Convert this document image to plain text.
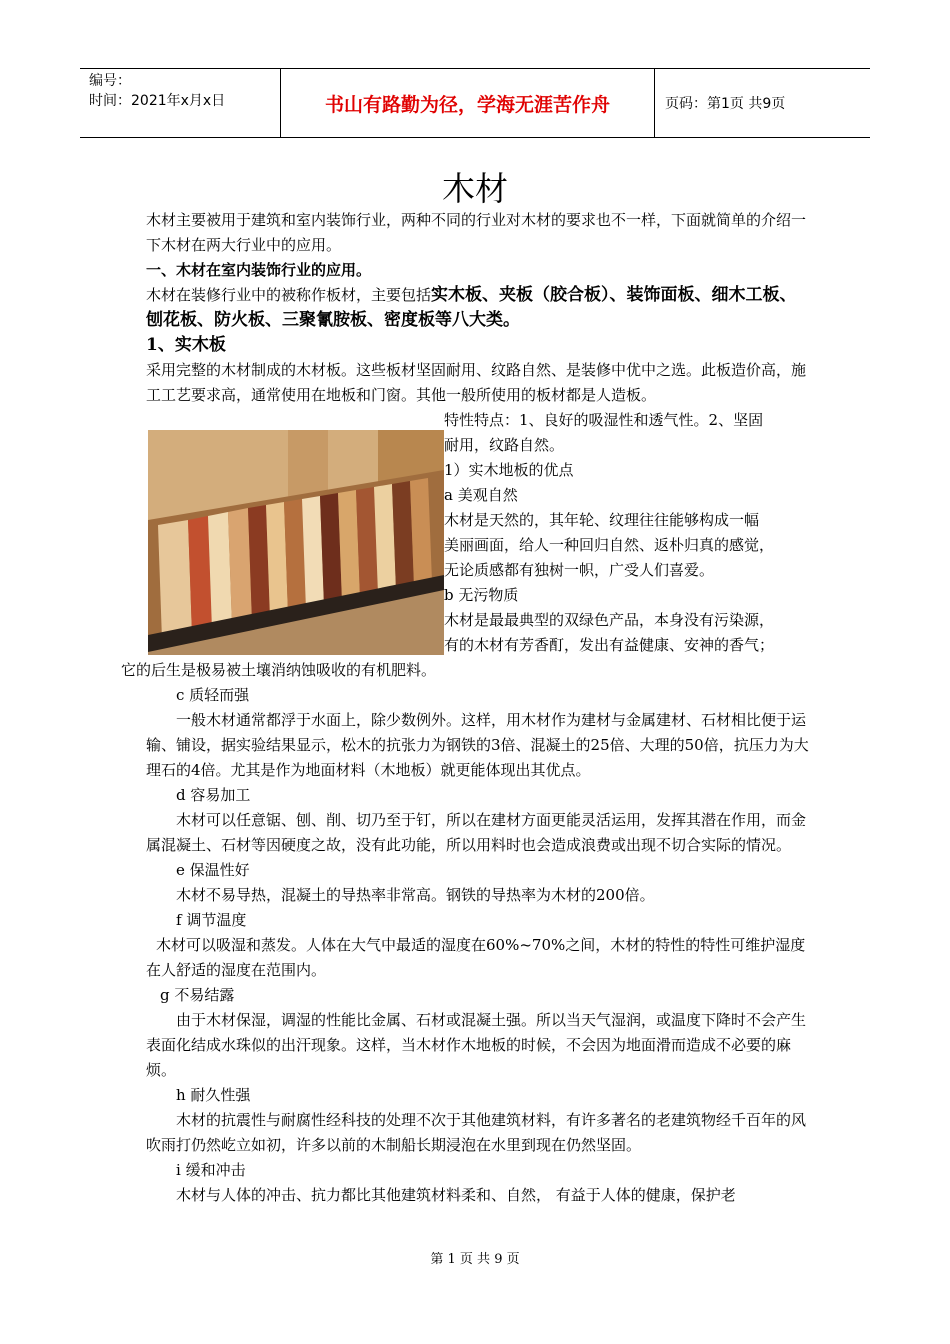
编号：
时间：2021年x月x日	书山有路勤为径，学海无涯苦作舟	页码：第1页 共9页
木材

木材主要被用于建筑和室内装饰行业，两种不同的行业对木材的要求也不一样，下面就简单的介绍一下木材在两大行业中的应用。

一、木材在室内装饰行业的应用。

木材在装修行业中的被称作板材，主要包括实木板、夹板（胶合板）、装饰面板、细木工板、刨花板、防火板、三聚氰胺板、密度板等八大类。

1、实木板

采用完整的木材制成的木材板。这些板材坚固耐用、纹路自然、是装修中优中之选。此板造价高，施工工艺要求高，通常使用在地板和门窗。其他一般所使用的板材都是人造板。

特性特点：1、良好的吸湿性和透气性。2、坚固
耐用，纹路自然。
1）实木地板的优点
a 美观自然
木材是天然的，其年轮、纹理往往能够构成一幅
美丽画面，给人一种回归自然、返朴归真的感觉，
无论质感都有独树一帜，广受人们喜爱。
b 无污物质
木材是最最典型的双绿色产品，本身没有污染源，
有的木材有芳香酊，发出有益健康、安神的香气；

它的后生是极易被土壤消纳蚀吸收的有机肥料。

c 质轻而强

一般木材通常都浮于水面上，除少数例外。这样，用木材作为建材与金属建材、石材相比便于运输、铺设，据实验结果显示，松木的抗张力为钢铁的3倍、混凝土的25倍、大理的50倍，抗压力为大理石的4倍。尤其是作为地面材料（木地板）就更能体现出其优点。

d 容易加工

木材可以任意锯、刨、削、切乃至于钉，所以在建材方面更能灵活运用，发挥其潜在作用，而金属混凝土、石材等因硬度之故，没有此功能，所以用料时也会造成浪费或出现不切合实际的情况。

e 保温性好

木材不易导热，混凝土的导热率非常高。钢铁的导热率为木材的200倍。

f 调节温度

木材可以吸湿和蒸发。人体在大气中最适的湿度在60%~70%之间，木材的特性的特性可维护湿度在人舒适的湿度在范围内。

g 不易结露

由于木材保湿，调湿的性能比金属、石材或混凝土强。所以当天气湿润，或温度下降时不会产生表面化结成水珠似的出汗现象。这样，当木材作木地板的时候，不会因为地面滑而造成不必要的麻烦。

h 耐久性强

木材的抗震性与耐腐性经科技的处理不次于其他建筑材料，有许多著名的老建筑物经千百年的风吹雨打仍然屹立如初，许多以前的木制船长期浸泡在水里到现在仍然坚固。

i 缓和冲击

木材与人体的冲击、抗力都比其他建筑材料柔和、自然， 有益于人体的健康，保护老

第 1 页 共 9 页
